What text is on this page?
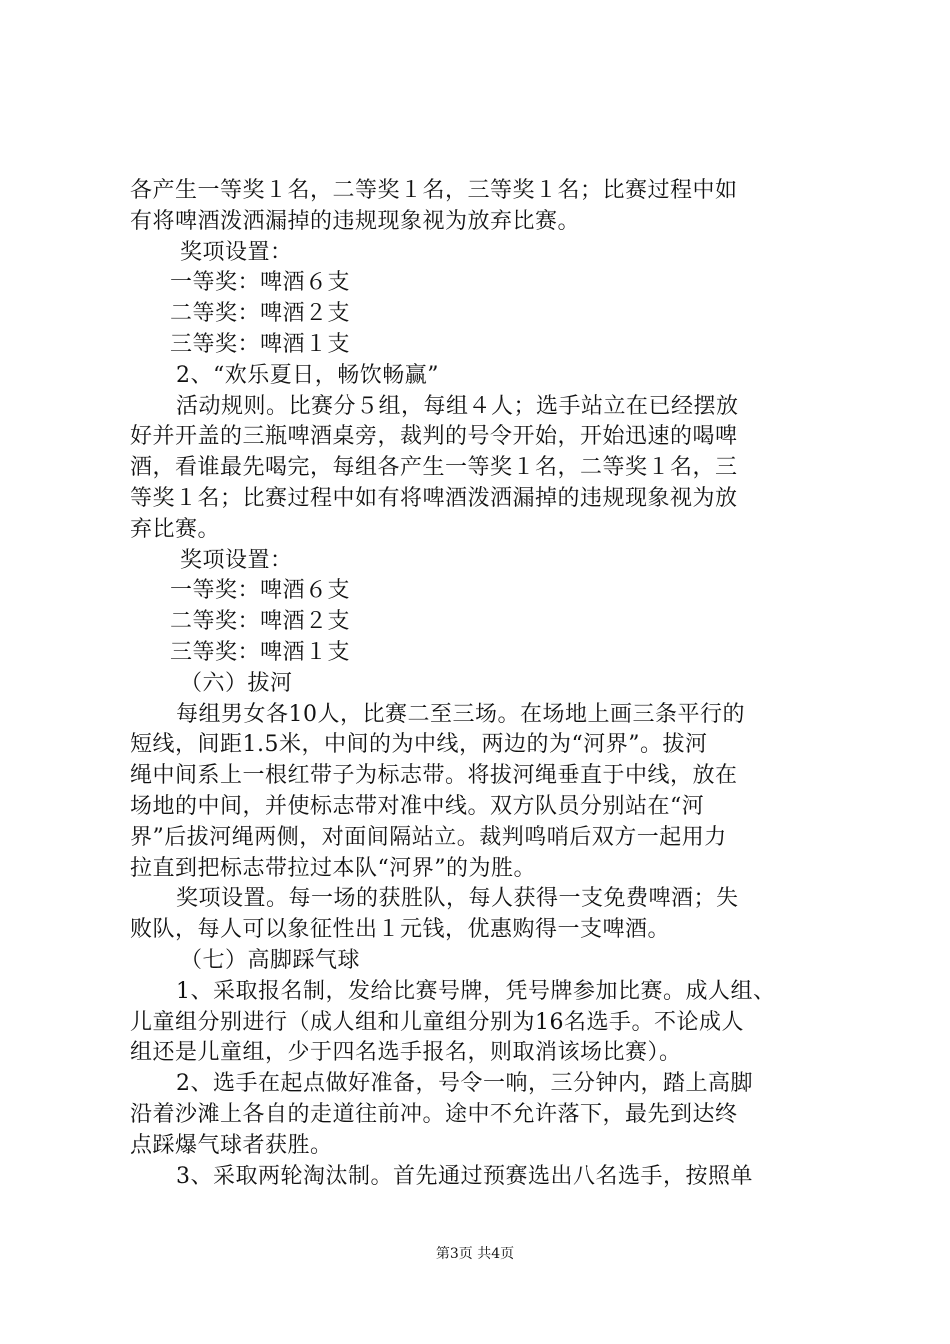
各产生一等奖１名，二等奖１名，三等奖１名；比赛过程中如
有将啤酒泼洒漏掉的违规现象视为放弃比赛。
奖项设置：
一等奖：啤酒６支
二等奖：啤酒２支
三等奖：啤酒１支
2、“欢乐夏日，畅饮畅赢”
活动规则。比赛分５组，每组４人；选手站立在已经摆放
好并开盖的三瓶啤酒桌旁，裁判的号令开始，开始迅速的喝啤
酒，看谁最先喝完，每组各产生一等奖１名，二等奖１名，三
等奖１名；比赛过程中如有将啤酒泼洒漏掉的违规现象视为放
弃比赛。
奖项设置：
一等奖：啤酒６支
二等奖：啤酒２支
三等奖：啤酒１支
（六）拔河
每组男女各10人，比赛二至三场。在场地上画三条平行的
短线，间距1.5米，中间的为中线，两边的为“河界”。拔河
绳中间系上一根红带子为标志带。将拔河绳垂直于中线，放在
场地的中间，并使标志带对准中线。双方队员分别站在“河
界”后拔河绳两侧，对面间隔站立。裁判鸣哨后双方一起用力
拉直到把标志带拉过本队“河界”的为胜。
奖项设置。每一场的获胜队，每人获得一支免费啤酒；失
败队，每人可以象征性出１元钱，优惠购得一支啤酒。
（七）高脚踩气球
1、采取报名制，发给比赛号牌，凭号牌参加比赛。成人组、
儿童组分别进行（成人组和儿童组分别为16名选手。不论成人
组还是儿童组，少于四名选手报名，则取消该场比赛）。
2、选手在起点做好准备，号令一响，三分钟内，踏上高脚
沿着沙滩上各自的走道往前冲。途中不允许落下，最先到达终
点踩爆气球者获胜。
3、采取两轮淘汰制。首先通过预赛选出八名选手，按照单
第3页 共4页
